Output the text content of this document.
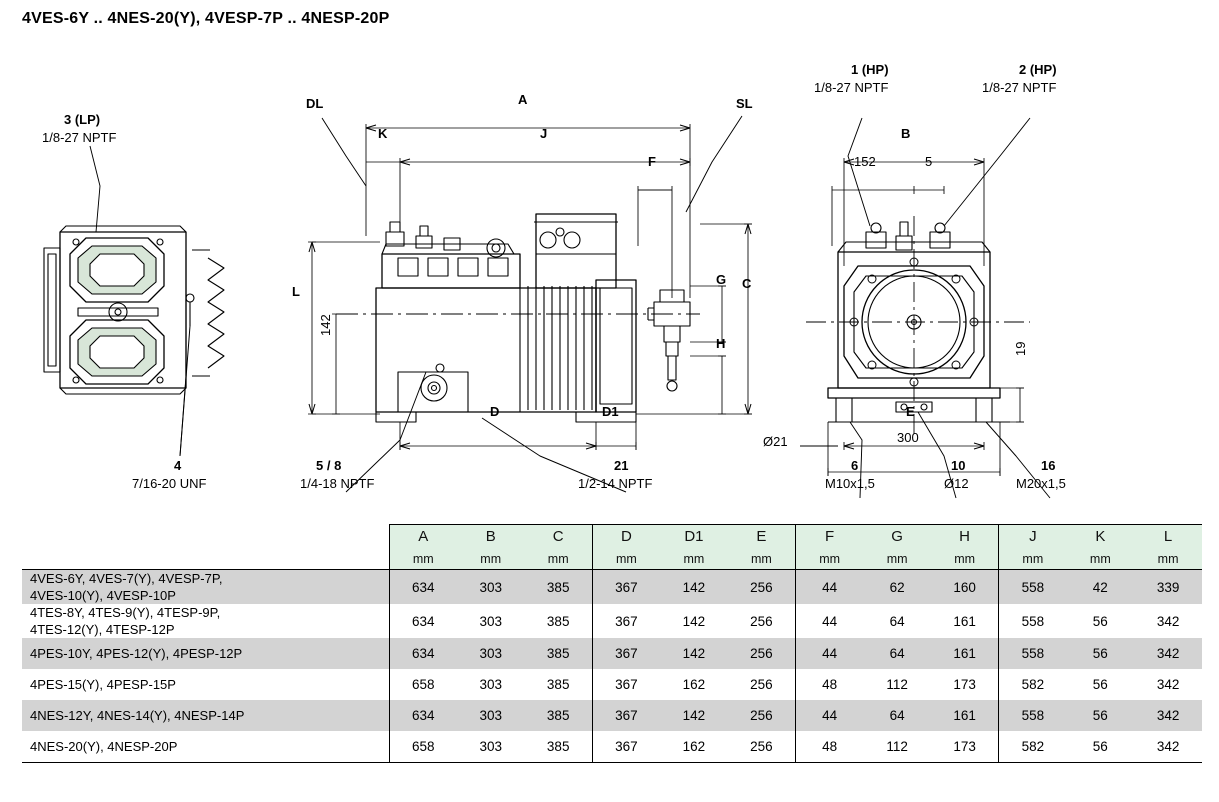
4VES-6Y .. 4NES-20(Y), 4VESP-7P .. 4NESP-20P
DL	SL
3 (LP)
1/8-27 NPTF
1 (HP)
1/8-27 NPTF
2 (HP)
1/8-27 NPTF
4
7/16-20 UNF
5 / 8
1/4-18 NPTF
21
1/2-14 NPTF
6
M10x1,5
10
Ø12
16
M20x1,5
A
J
K
F
L
C
G
H
D	D1
B
E
142
152	5
19
300
Ø21
	A	B	C	D	D1	E	F	G	H	J	K	L
	mm	mm	mm	mm	mm	mm	mm	mm	mm	mm	mm	mm

4VES-6Y, 4VES-7(Y), 4VESP-7P,
4VES-10(Y), 4VESP-10P	634	303	385	367	142	256	44	62	160	558	42	339

4TES-8Y, 4TES-9(Y), 4TESP-9P,
4TES-12(Y), 4TESP-12P	634	303	385	367	142	256	44	64	161	558	56	342

4PES-10Y, 4PES-12(Y), 4PESP-12P	634	303	385	367	142	256	44	64	161	558	56	342

4PES-15(Y), 4PESP-15P	658	303	385	367	162	256	48	112	173	582	56	342

4NES-12Y, 4NES-14(Y), 4NESP-14P	634	303	385	367	142	256	44	64	161	558	56	342

4NES-20(Y), 4NESP-20P	658	303	385	367	162	256	48	112	173	582	56	342
